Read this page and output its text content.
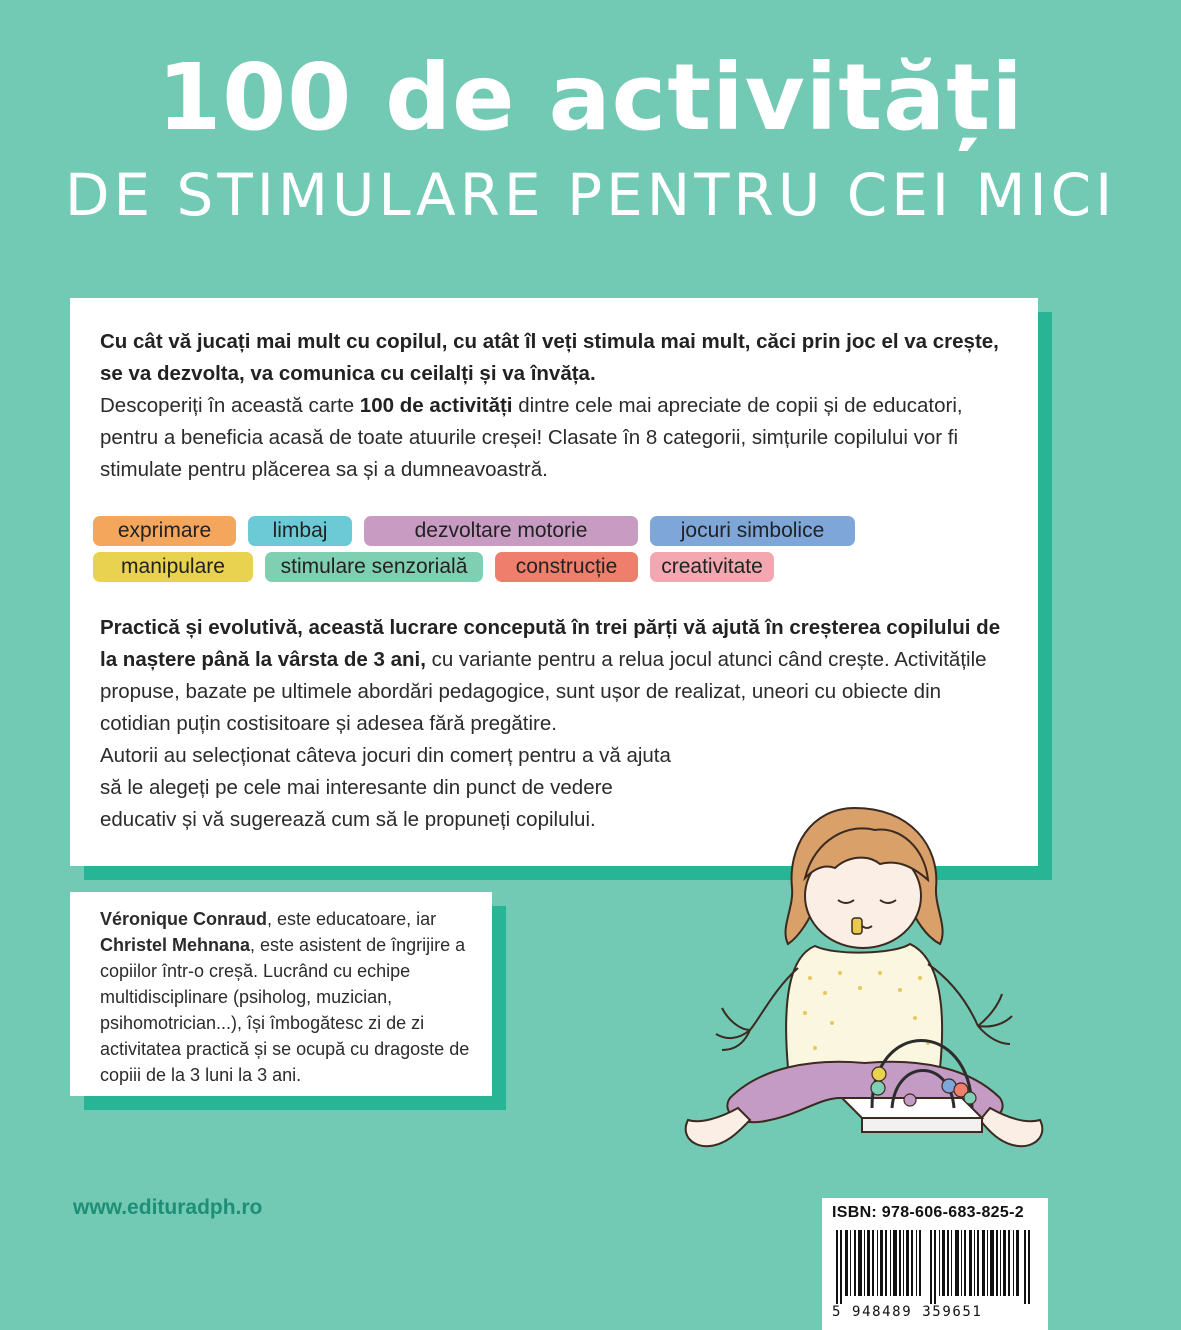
100 de activități
DE STIMULARE PENTRU CEI MICI

Cu cât vă jucați mai mult cu copilul, cu atât îl veți stimula mai mult, căci prin joc el va crește, se va dezvolta, va comunica cu ceilalți și va învăța.

Descoperiți în această carte 100 de activități dintre cele mai apreciate de copii și de educatori, pentru a beneficia acasă de toate atuurile creșei! Clasate în 8 categorii, simțurile copilului vor fi stimulate pentru plăcerea sa și a dumneavoastră.

exprimare	limbaj	dezvoltare motorie	jocuri simbolice
manipulare	stimulare senzorială	construcție	creativitate

Practică și evolutivă, această lucrare concepută în trei părți vă ajută în creșterea copilului de la naștere până la vârsta de 3 ani, cu variante pentru a relua jocul atunci când crește. Activitățile propuse, bazate pe ultimele abordări pedagogice, sunt ușor de realizat, uneori cu obiecte din cotidian puțin costisitoare și adesea fără pregătire.

Autorii au selecționat câteva jocuri din comerț pentru a vă ajuta

să le alegeți pe cele mai interesante din punct de vedere

educativ și vă sugerează cum să le propuneți copilului.

Véronique Conraud, este educatoare, iar
Christel Mehnana, este asistent de îngrijire a copiilor într-o creșă. Lucrând cu echipe multidisciplinare (psiholog, muzician, psihomotrician...), își îmbogătesc zi de zi activitatea practică și se ocupă cu dragoste de copiii de la 3 luni la 3 ani.

www.edituradph.ro	ISBN: 978-606-683-825-2
5 948489 359651
